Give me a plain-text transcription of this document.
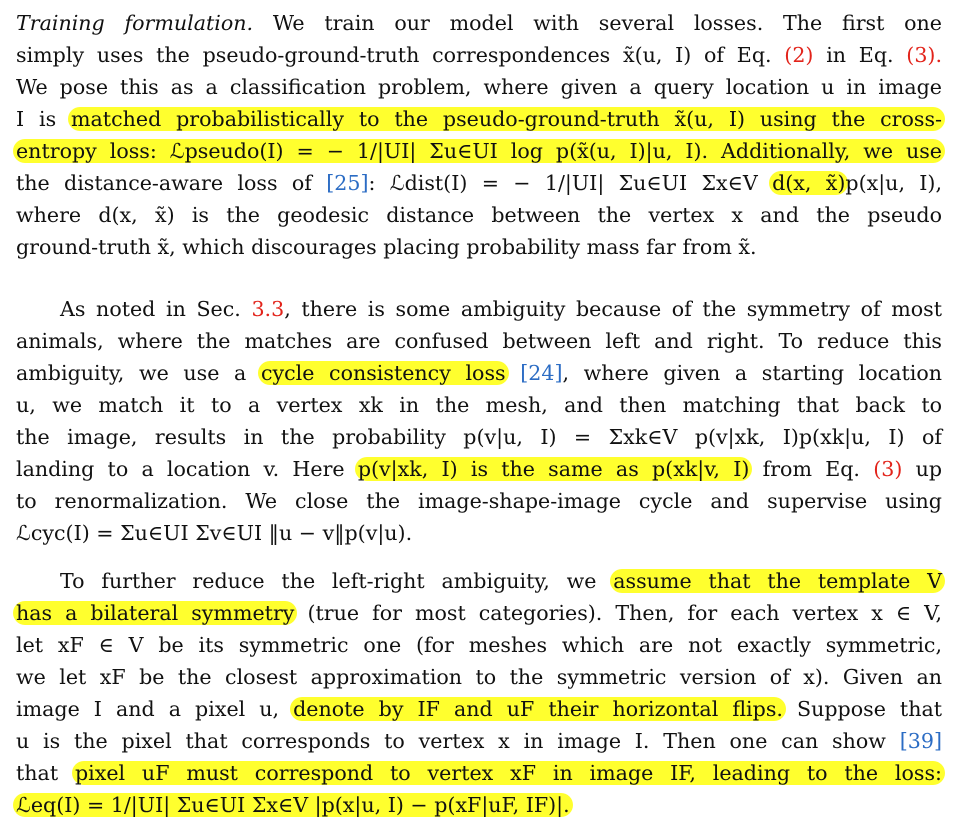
Training formulation. We train our model with several losses. The first one
simply uses the pseudo-ground-truth correspondences x̃(u, I) of Eq. (2) in Eq. (3).
We pose this as a classification problem, where given a query location u in image
I is matched probabilistically to the pseudo-ground-truth x̃(u, I) using the cross-
entropy loss: ℒpseudo(I) = − 1/|UI| Σu∈UI log p(x̃(u, I)|u, I). Additionally, we use
the distance-aware loss of [25]: ℒdist(I) = − 1/|UI| Σu∈UI Σx∈V d(x, x̃)p(x|u, I),
where d(x, x̃) is the geodesic distance between the vertex x and the pseudo
ground-truth x̃, which discourages placing probability mass far from x̃.
As noted in Sec. 3.3, there is some ambiguity because of the symmetry of most
animals, where the matches are confused between left and right. To reduce this
ambiguity, we use a cycle consistency loss [24], where given a starting location
u, we match it to a vertex xk in the mesh, and then matching that back to
the image, results in the probability p(v|u, I) = Σxk∈V p(v|xk, I)p(xk|u, I) of
landing to a location v. Here p(v|xk, I) is the same as p(xk|v, I) from Eq. (3) up
to renormalization. We close the image-shape-image cycle and supervise using
ℒcyc(I) = Σu∈UI Σv∈UI ‖u − v‖p(v|u).
To further reduce the left-right ambiguity, we assume that the template V
has a bilateral symmetry (true for most categories). Then, for each vertex x ∈ V,
let xF ∈ V be its symmetric one (for meshes which are not exactly symmetric,
we let xF be the closest approximation to the symmetric version of x). Given an
image I and a pixel u, denote by IF and uF their horizontal flips. Suppose that
u is the pixel that corresponds to vertex x in image I. Then one can show [39]
that pixel uF must correspond to vertex xF in image IF, leading to the loss:
ℒeq(I) = 1/|UI| Σu∈UI Σx∈V |p(x|u, I) − p(xF|uF, IF)|.
